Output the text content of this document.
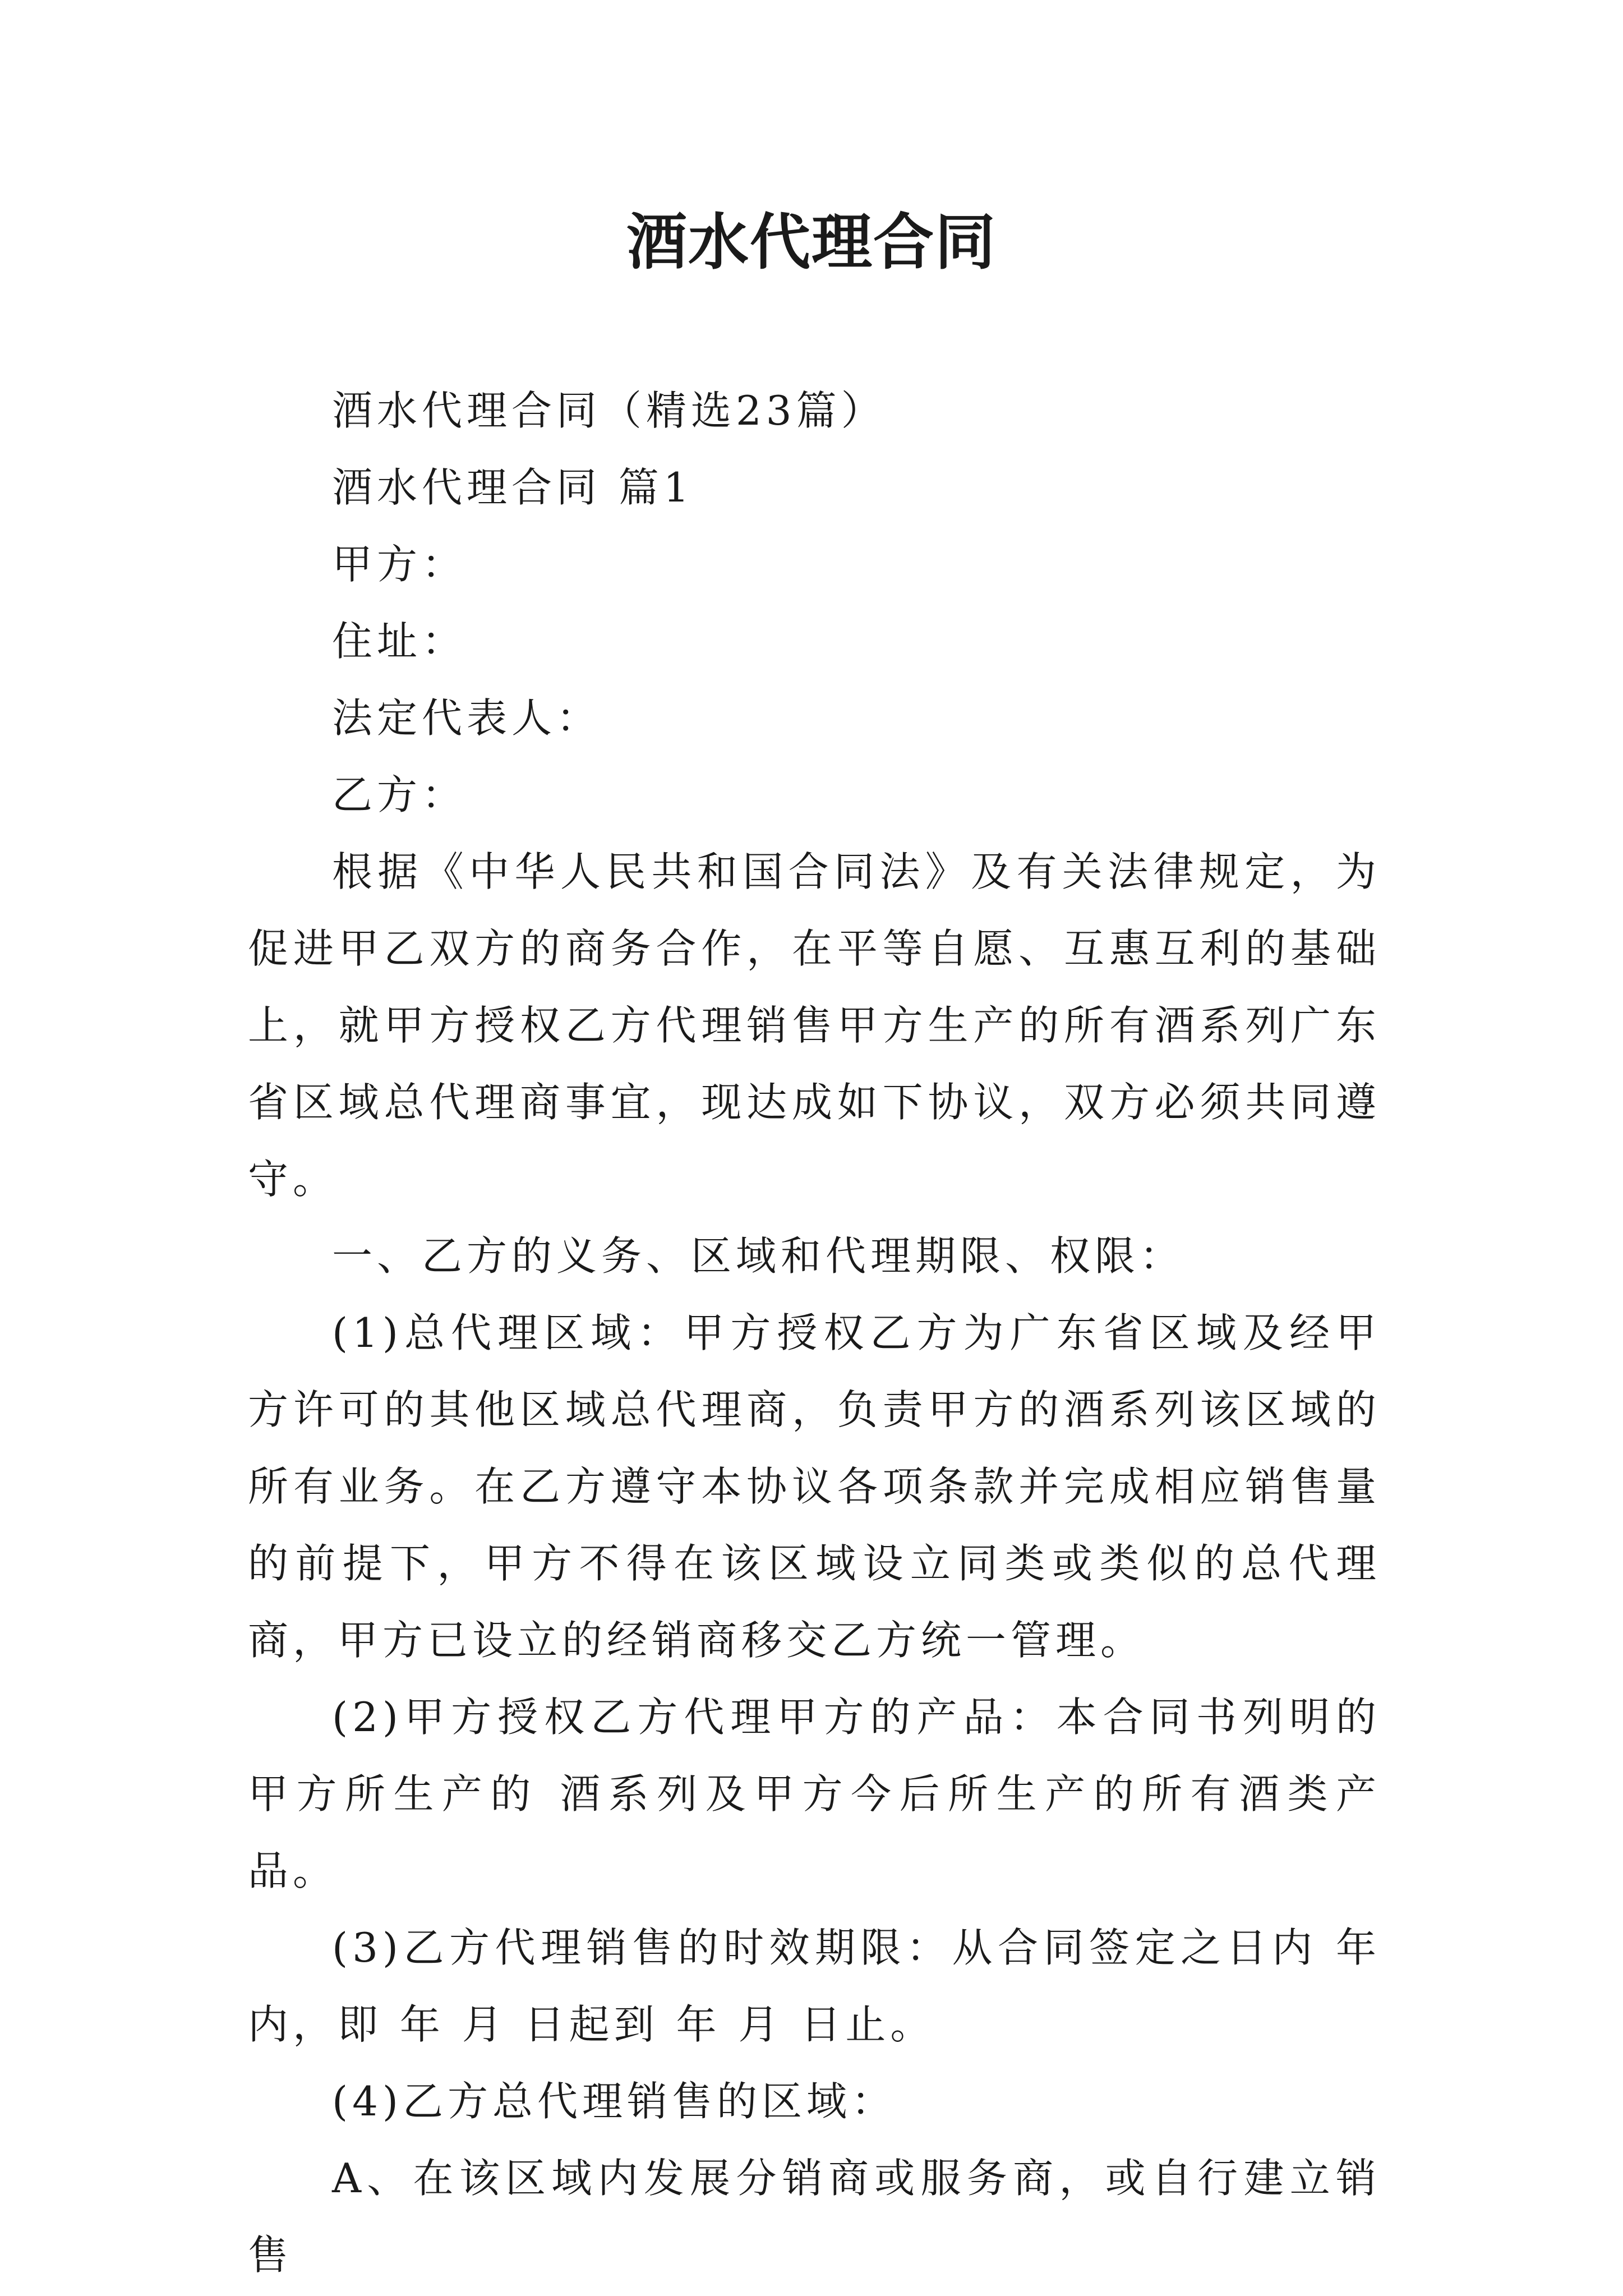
酒水代理合同

酒水代理合同（精选23篇）

酒水代理合同 篇1

甲方：

住址：

法定代表人：

乙方：

根据《中华人民共和国合同法》及有关法律规定，为促进甲乙双方的商务合作，在平等自愿、互惠互利的基础上，就甲方授权乙方代理销售甲方生产的所有酒系列广东省区域总代理商事宜，现达成如下协议，双方必须共同遵守。

一、乙方的义务、区域和代理期限、权限：

(1)总代理区域：甲方授权乙方为广东省区域及经甲方许可的其他区域总代理商，负责甲方的酒系列该区域的所有业务。在乙方遵守本协议各项条款并完成相应销售量的前提下，甲方不得在该区域设立同类或类似的总代理商，甲方已设立的经销商移交乙方统一管理。

(2)甲方授权乙方代理甲方的产品：本合同书列明的甲方所生产的 酒系列及甲方今后所生产的所有酒类产品。

(3)乙方代理销售的时效期限：从合同签定之日内 年内，即 年 月 日起到 年 月 日止。

(4)乙方总代理销售的区域：

A、在该区域内发展分销商或服务商，或自行建立销售
